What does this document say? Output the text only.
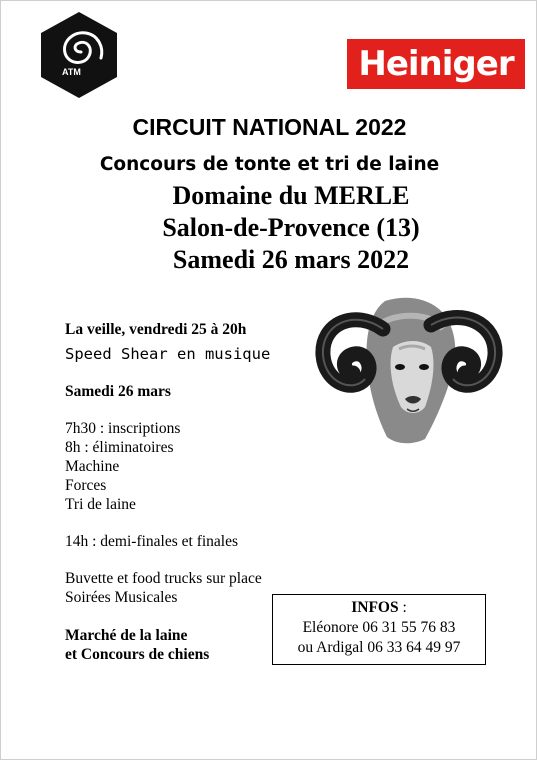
ATM	Heiniger
CIRCUIT NATIONAL 2022
Concours de tonte et tri de laine
Domaine du MERLE
Salon-de-Provence (13)
Samedi 26 mars 2022
La veille, vendredi 25 à 20h
Speed Shear en musique
Samedi 26 mars
7h30 : inscriptions
8h : éliminatoires
Machine
Forces
Tri de laine
14h : demi-finales et finales
Buvette et food trucks sur place
Soirées Musicales
Marché de la laine
et Concours de chiens
INFOS :
Eléonore 06 31 55 76 83
ou Ardigal 06 33 64 49 97
